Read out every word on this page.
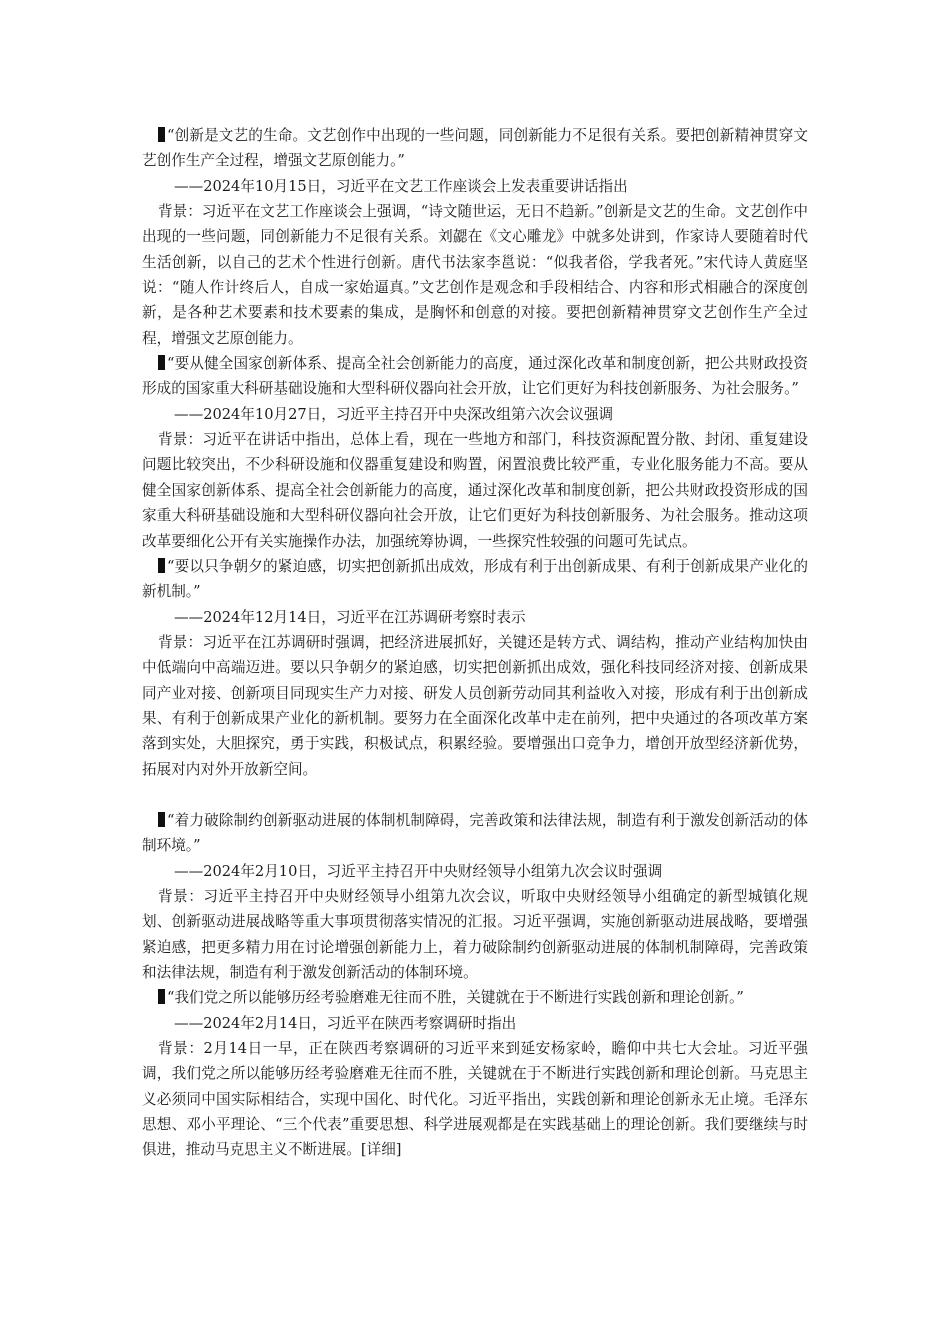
“创新是文艺的生命。文艺创作中出现的一些问题，同创新能力不足很有关系。要把创新精神贯穿文艺创作生产全过程，增强文艺原创能力。”

——2024年10月15日，习近平在文艺工作座谈会上发表重要讲话指出

背景：习近平在文艺工作座谈会上强调，“诗文随世运，无日不趋新。”创新是文艺的生命。文艺创作中出现的一些问题，同创新能力不足很有关系。刘勰在《文心雕龙》中就多处讲到，作家诗人要随着时代生活创新，以自己的艺术个性进行创新。唐代书法家李邕说：“似我者俗，学我者死。”宋代诗人黄庭坚说：“随人作计终后人，自成一家始逼真。”文艺创作是观念和手段相结合、内容和形式相融合的深度创新，是各种艺术要素和技术要素的集成，是胸怀和创意的对接。要把创新精神贯穿文艺创作生产全过程，增强文艺原创能力。

“要从健全国家创新体系、提高全社会创新能力的高度，通过深化改革和制度创新，把公共财政投资形成的国家重大科研基础设施和大型科研仪器向社会开放，让它们更好为科技创新服务、为社会服务。”

——2024年10月27日，习近平主持召开中央深改组第六次会议强调

背景：习近平在讲话中指出，总体上看，现在一些地方和部门，科技资源配置分散、封闭、重复建设问题比较突出，不少科研设施和仪器重复建设和购置，闲置浪费比较严重，专业化服务能力不高。要从健全国家创新体系、提高全社会创新能力的高度，通过深化改革和制度创新，把公共财政投资形成的国家重大科研基础设施和大型科研仪器向社会开放，让它们更好为科技创新服务、为社会服务。推动这项改革要细化公开有关实施操作办法，加强统筹协调，一些探究性较强的问题可先试点。

“要以只争朝夕的紧迫感，切实把创新抓出成效，形成有利于出创新成果、有利于创新成果产业化的新机制。”

——2024年12月14日，习近平在江苏调研考察时表示

背景：习近平在江苏调研时强调，把经济进展抓好，关键还是转方式、调结构，推动产业结构加快由中低端向中高端迈进。要以只争朝夕的紧迫感，切实把创新抓出成效，强化科技同经济对接、创新成果同产业对接、创新项目同现实生产力对接、研发人员创新劳动同其利益收入对接，形成有利于出创新成果、有利于创新成果产业化的新机制。要努力在全面深化改革中走在前列，把中央通过的各项改革方案落到实处，大胆探究，勇于实践，积极试点，积累经验。要增强出口竞争力，增创开放型经济新优势，拓展对内对外开放新空间。

“着力破除制约创新驱动进展的体制机制障碍，完善政策和法律法规，制造有利于激发创新活动的体制环境。”

——2024年2月10日，习近平主持召开中央财经领导小组第九次会议时强调

背景：习近平主持召开中央财经领导小组第九次会议，听取中央财经领导小组确定的新型城镇化规划、创新驱动进展战略等重大事项贯彻落实情况的汇报。习近平强调，实施创新驱动进展战略，要增强紧迫感，把更多精力用在讨论增强创新能力上，着力破除制约创新驱动进展的体制机制障碍，完善政策和法律法规，制造有利于激发创新活动的体制环境。

“我们党之所以能够历经考验磨难无往而不胜，关键就在于不断进行实践创新和理论创新。”

——2024年2月14日，习近平在陕西考察调研时指出

背景：2月14日一早，正在陕西考察调研的习近平来到延安杨家岭，瞻仰中共七大会址。习近平强调，我们党之所以能够历经考验磨难无往而不胜，关键就在于不断进行实践创新和理论创新。马克思主义必须同中国实际相结合，实现中国化、时代化。习近平指出，实践创新和理论创新永无止境。毛泽东思想、邓小平理论、“三个代表”重要思想、科学进展观都是在实践基础上的理论创新。我们要继续与时俱进，推动马克思主义不断进展。[详细]
